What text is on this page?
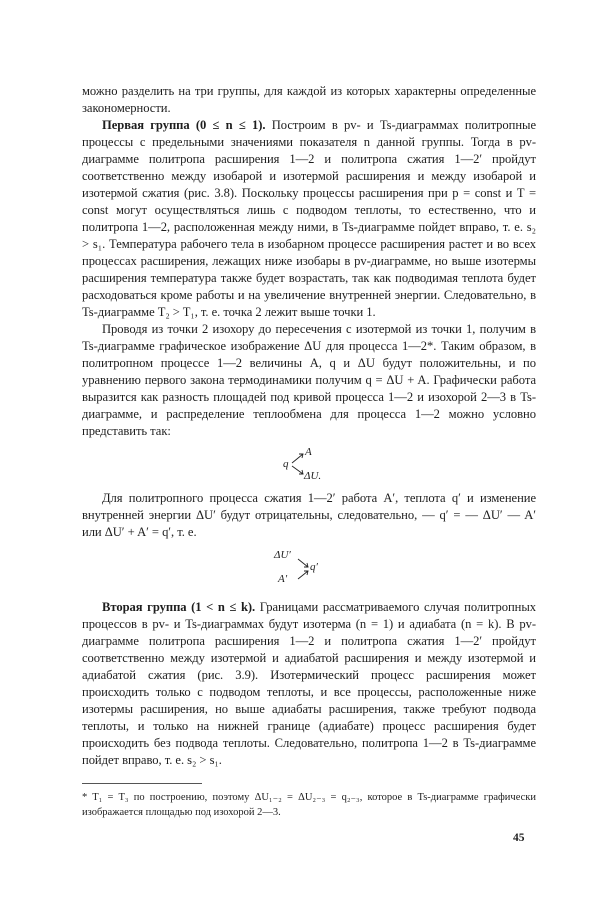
можно разделить на три группы, для каждой из которых характерны определенные закономерности.

Первая группа (0 ≤ n ≤ 1). Построим в pv- и Ts-диаграммах политропные процессы с предельными значениями показателя n данной группы. Тогда в pv-диаграмме политропа расширения 1—2 и политропа сжатия 1—2′ пройдут соответственно между изобарой и изотермой расширения и между изобарой и изотермой сжатия (рис. 3.8). Поскольку процессы расширения при p = const и T = const могут осуществляться лишь с подводом теплоты, то естественно, что и политропа 1—2, расположенная между ними, в Ts-диаграмме пойдет вправо, т. е. s₂ > s₁. Температура рабочего тела в изобарном процессе расширения растет и во всех процессах расширения, лежащих ниже изобары в pv-диаграмме, но выше изотермы расширения температура также будет возрастать, так как подводимая теплота будет расходоваться кроме работы и на увеличение внутренней энергии. Следовательно, в Ts-диаграмме T₂ > T₁, т. е. точка 2 лежит выше точки 1.

Проводя из точки 2 изохору до пересечения с изотермой из точки 1, получим в Ts-диаграмме графическое изображение ΔU для процесса 1—2*. Таким образом, в политропном процессе 1—2 величины A, q и ΔU будут положительны, и по уравнению первого закона термодинамики получим q = ΔU + A. Графически работа выразится как разность площадей под кривой процесса 1—2 и изохорой 2—3 в Ts-диаграмме, и распределение теплообмена для процесса 1—2 можно условно представить так:

q
A
ΔU.

Для политропного процесса сжатия 1—2′ работа A′, теплота q′ и изменение внутренней энергии ΔU′ будут отрицательны, следовательно, — q′ = — ΔU′ — A′ или ΔU′ + A′ = q′, т. е.

ΔU′
A′
q′

Вторая группа (1 < n ≤ k). Границами рассматриваемого случая политропных процессов в pv- и Ts-диаграммах будут изотерма (n = 1) и адиабата (n = k). В pv-диаграмме политропа расширения 1—2 и политропа сжатия 1—2′ пройдут соответственно между изотермой и адиабатой расширения и между изотермой и адиабатой сжатия (рис. 3.9). Изотермический процесс расширения может происходить только с подводом теплоты, и все процессы, расположенные ниже изотермы расширения, но выше адиабаты расширения, также требуют подвода теплоты, и только на нижней границе (адиабате) процесс расширения будет происходить без подвода теплоты. Следовательно, политропа 1—2 в Ts-диаграмме пойдет вправо, т. е. s₂ > s₁.

* T₁ = T₃ по построению, поэтому ΔU₁₋₂ = ΔU₂₋₃ = q₂₋₃, которое в Ts-диаграмме графически изображается площадью под изохорой 2—3.

45
